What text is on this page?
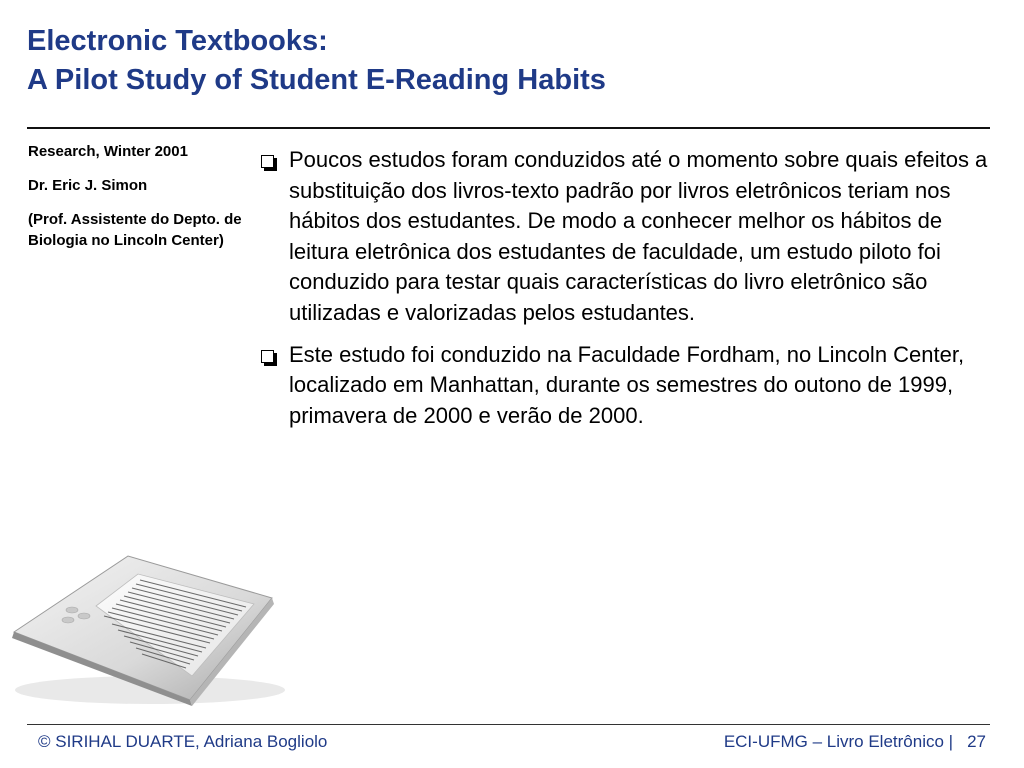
Electronic Textbooks:
A Pilot Study of Student E-Reading Habits

Research, Winter 2001

Dr. Eric J. Simon

(Prof. Assistente do Depto. de Biologia no Lincoln Center)

Poucos estudos foram conduzidos até o momento sobre quais efeitos a substituição dos livros-texto padrão por livros eletrônicos teriam nos hábitos dos estudantes. De modo a conhecer melhor os hábitos de leitura eletrônica dos estudantes de faculdade, um estudo piloto foi conduzido para testar quais características do livro eletrônico são utilizadas e valorizadas pelos estudantes.
Este estudo foi conduzido na Faculdade Fordham, no Lincoln Center, localizado em Manhattan, durante os semestres do outono de 1999, primavera de 2000 e verão de 2000.
© SIRIHAL DUARTE, Adriana Bogliolo	ECI-UFMG – Livro Eletrônico | 27
